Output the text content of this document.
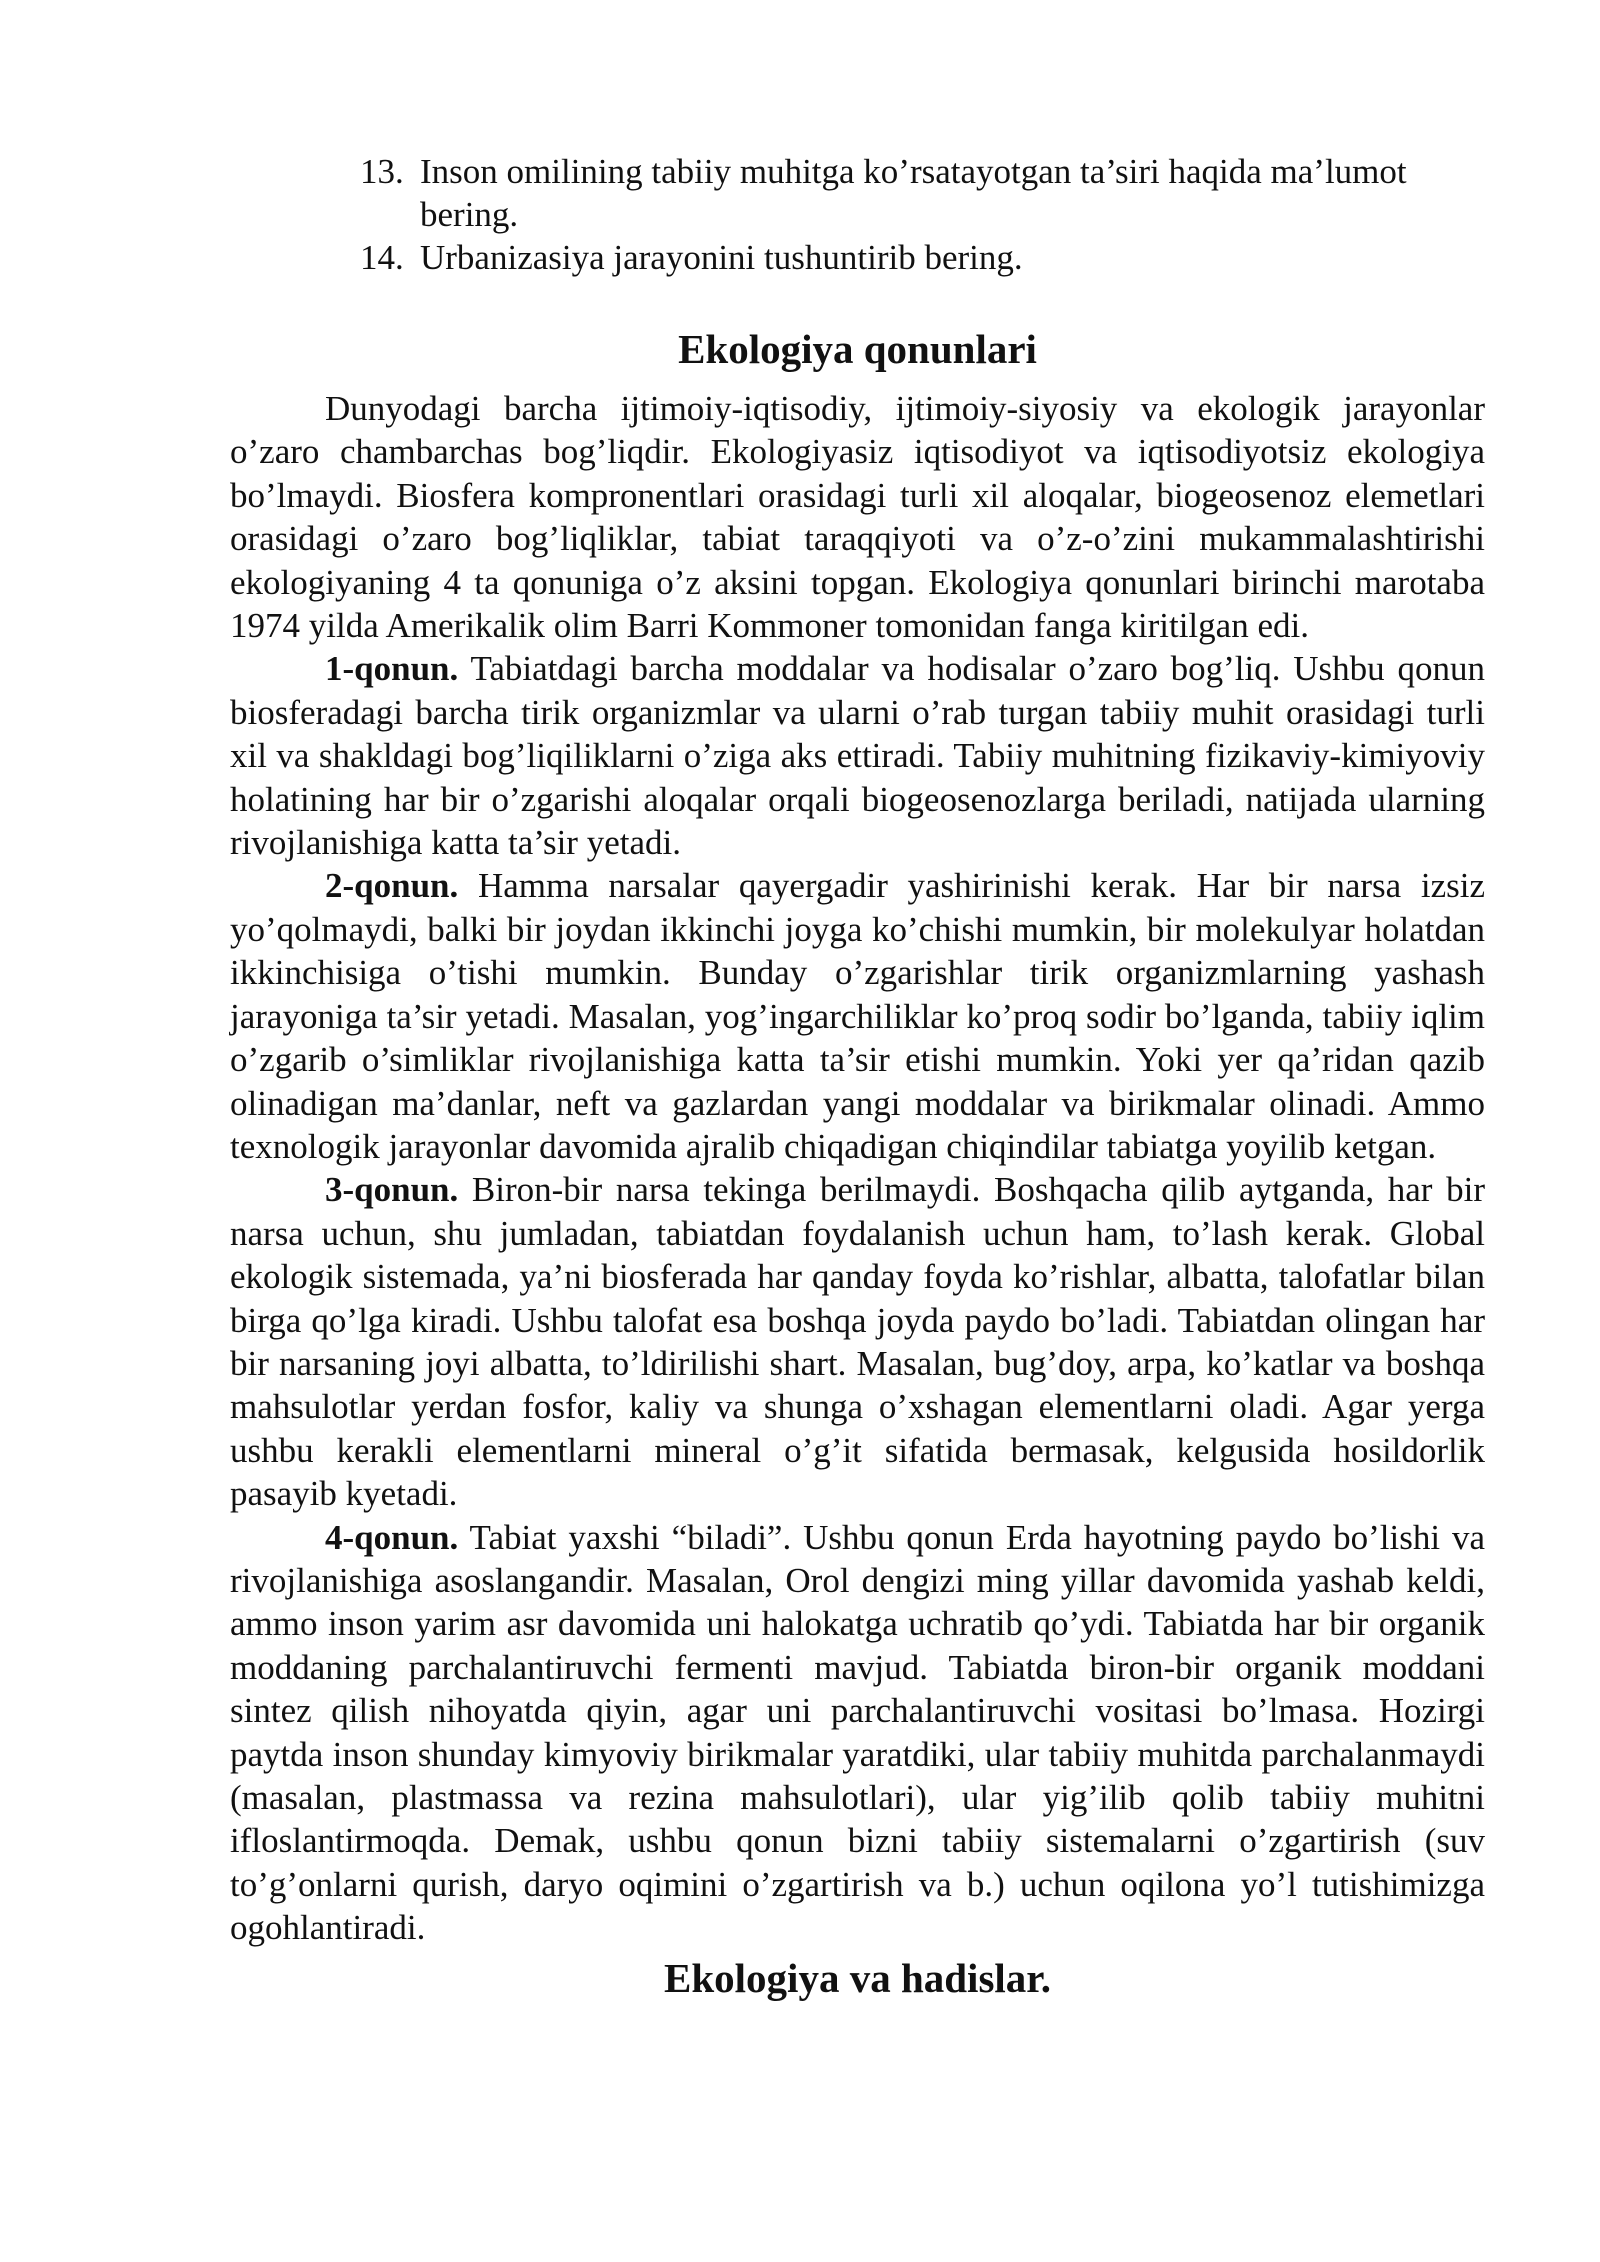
13. Inson omilining tabiiy muhitga ko’rsatayotgan ta’siri haqida ma’lumot bering.
14. Urbanizasiya jarayonini tushuntirib bering.
Ekologiya qonunlari

Dunyodagi barcha ijtimoiy-iqtisodiy, ijtimoiy-siyosiy va ekologik jarayonlar o’zaro chambarchas bog’liqdir. Ekologiyasiz iqtisodiyot va iqtisodiyotsiz ekologiya bo’lmaydi. Biosfera kompronentlari orasidagi turli xil aloqalar, biogeosenoz elemetlari orasidagi o’zaro bog’liqliklar, tabiat taraqqiyoti va o’z-o’zini mukammalashtirishi ekologiyaning 4 ta qonuniga o’z aksini topgan. Ekologiya qonunlari birinchi marotaba 1974 yilda Amerikalik olim Barri Kommoner tomonidan fanga kiritilgan edi.

1-qonun. Tabiatdagi barcha moddalar va hodisalar o’zaro bog’liq. Ushbu qonun biosferadagi barcha tirik organizmlar va ularni o’rab turgan tabiiy muhit orasidagi turli xil va shakldagi bog’liqiliklarni o’ziga aks ettiradi. Tabiiy muhitning fizikaviy-kimiyoviy holatining har bir o’zgarishi aloqalar orqali biogeosenozlarga beriladi, natijada ularning rivojlanishiga katta ta’sir yetadi.

2-qonun. Hamma narsalar qayergadir yashirinishi kerak. Har bir narsa izsiz yo’qolmaydi, balki bir joydan ikkinchi joyga ko’chishi mumkin, bir molekulyar holatdan ikkinchisiga o’tishi mumkin. Bunday o’zgarishlar tirik organizmlarning yashash jarayoniga ta’sir yetadi. Masalan, yog’ingarchiliklar ko’proq sodir bo’lganda, tabiiy iqlim o’zgarib o’simliklar rivojlanishiga katta ta’sir etishi mumkin. Yoki yer qa’ridan qazib olinadigan ma’danlar, neft va gazlardan yangi moddalar va birikmalar olinadi. Ammo texnologik jarayonlar davomida ajralib chiqadigan chiqindilar tabiatga yoyilib ketgan.

3-qonun. Biron-bir narsa tekinga berilmaydi. Boshqacha qilib aytganda, har bir narsa uchun, shu jumladan, tabiatdan foydalanish uchun ham, to’lash kerak. Global ekologik sistemada, ya’ni biosferada har qanday foyda ko’rishlar, albatta, talofatlar bilan birga qo’lga kiradi. Ushbu talofat esa boshqa joyda paydo bo’ladi. Tabiatdan olingan har bir narsaning joyi albatta, to’ldirilishi shart. Masalan, bug’doy, arpa, ko’katlar va boshqa mahsulotlar yerdan fosfor, kaliy va shunga o’xshagan elementlarni oladi. Agar yerga ushbu kerakli elementlarni mineral o’g’it sifatida bermasak, kelgusida hosildorlik pasayib kyetadi.

4-qonun. Tabiat yaxshi “biladi”. Ushbu qonun Erda hayotning paydo bo’lishi va rivojlanishiga asoslangandir. Masalan, Orol dengizi ming yillar davomida yashab keldi, ammo inson yarim asr davomida uni halokatga uchratib qo’ydi. Tabiatda har bir organik moddaning parchalantiruvchi fermenti mavjud. Tabiatda biron-bir organik moddani sintez qilish nihoyatda qiyin, agar uni parchalantiruvchi vositasi bo’lmasa. Hozirgi paytda inson shunday kimyoviy birikmalar yaratdiki, ular tabiiy muhitda parchalanmaydi (masalan, plastmassa va rezina mahsulotlari), ular yig’ilib qolib tabiiy muhitni ifloslantirmoqda. Demak, ushbu qonun bizni tabiiy sistemalarni o’zgartirish (suv to’g’onlarni qurish, daryo oqimini o’zgartirish va b.) uchun oqilona yo’l tutishimizga ogohlantiradi.

Ekologiya va hadislar.
